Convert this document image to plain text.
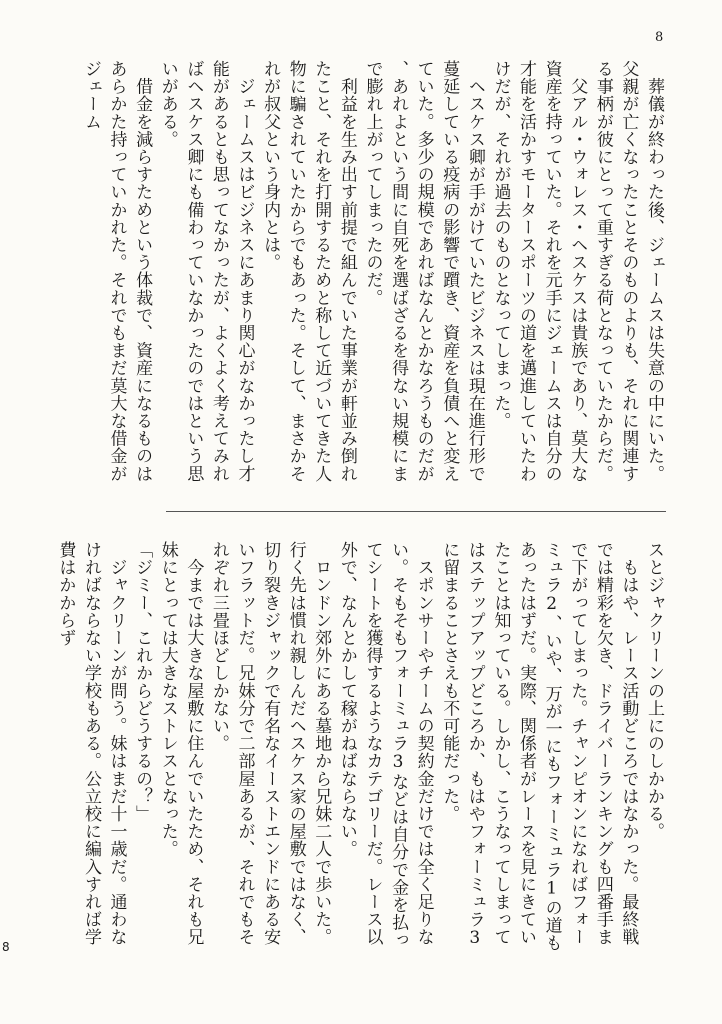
8

　葬儀が終わった後、ジェームスは失意の中にいた。父親が亡くなったことそのものよりも、それに関連する事柄が彼にとって重すぎる荷となっていたからだ。

　父アル・ウォレス・ヘスケスは貴族であり、莫大な資産を持っていた。それを元手にジェームスは自分の才能を活かすモータースポーツの道を邁進していたわけだが、それが過去のものとなってしまった。

　ヘスケス卿が手がけていたビジネスは現在進行形で蔓延している疫病の影響で躓き、資産を負債へと変えていた。多少の規模であればなんとかなろうものだが、あれよという間に自死を選ばざるを得ない規模にまで膨れ上がってしまったのだ。

　利益を生み出す前提で組んでいた事業が軒並み倒れたこと、それを打開するためと称して近づいてきた人物に騙されていたからでもあった。そして、まさかそれが叔父という身内とは。

　ジェームスはビジネスにあまり関心がなかったし才能があるとも思ってなかったが、よくよく考えてみればヘスケス卿にも備わっていなかったのではという思いがある。

　借金を減らすためという体裁で、資産になるものはあらかた持っていかれた。それでもまだ莫大な借金がジェーム

スとジャクリーンの上にのしかかる。

　もはや、レース活動どころではなかった。最終戦では精彩を欠き、ドライバーランキングも四番手まで下がってしまった。チャンピオンになればフォーミュラ2、いや、万が一にもフォーミュラ1の道もあったはずだ。実際、関係者がレースを見にきていたことは知っている。しかし、こうなってしまってはステップアップどころか、もはやフォーミュラ3に留まることさえも不可能だった。

　スポンサーやチームの契約金だけでは全く足りない。そもそもフォーミュラ3などは自分で金を払ってシートを獲得するようなカテゴリーだ。レース以外で、なんとかして稼がねばならない。

　ロンドン郊外にある墓地から兄妹二人で歩いた。行く先は慣れ親しんだヘスケス家の屋敷ではなく、切り裂きジャックで有名なイーストエンドにある安いフラットだ。兄妹分で二部屋あるが、それでもそれぞれ三畳ほどしかない。

　今までは大きな屋敷に住んでいたため、それも兄妹にとっては大きなストレスとなった。

「ジミー、これからどうするの？」

　ジャクリーンが問う。妹はまだ十一歳だ。通わなければならない学校もある。公立校に編入すれば学費はかからず

8
